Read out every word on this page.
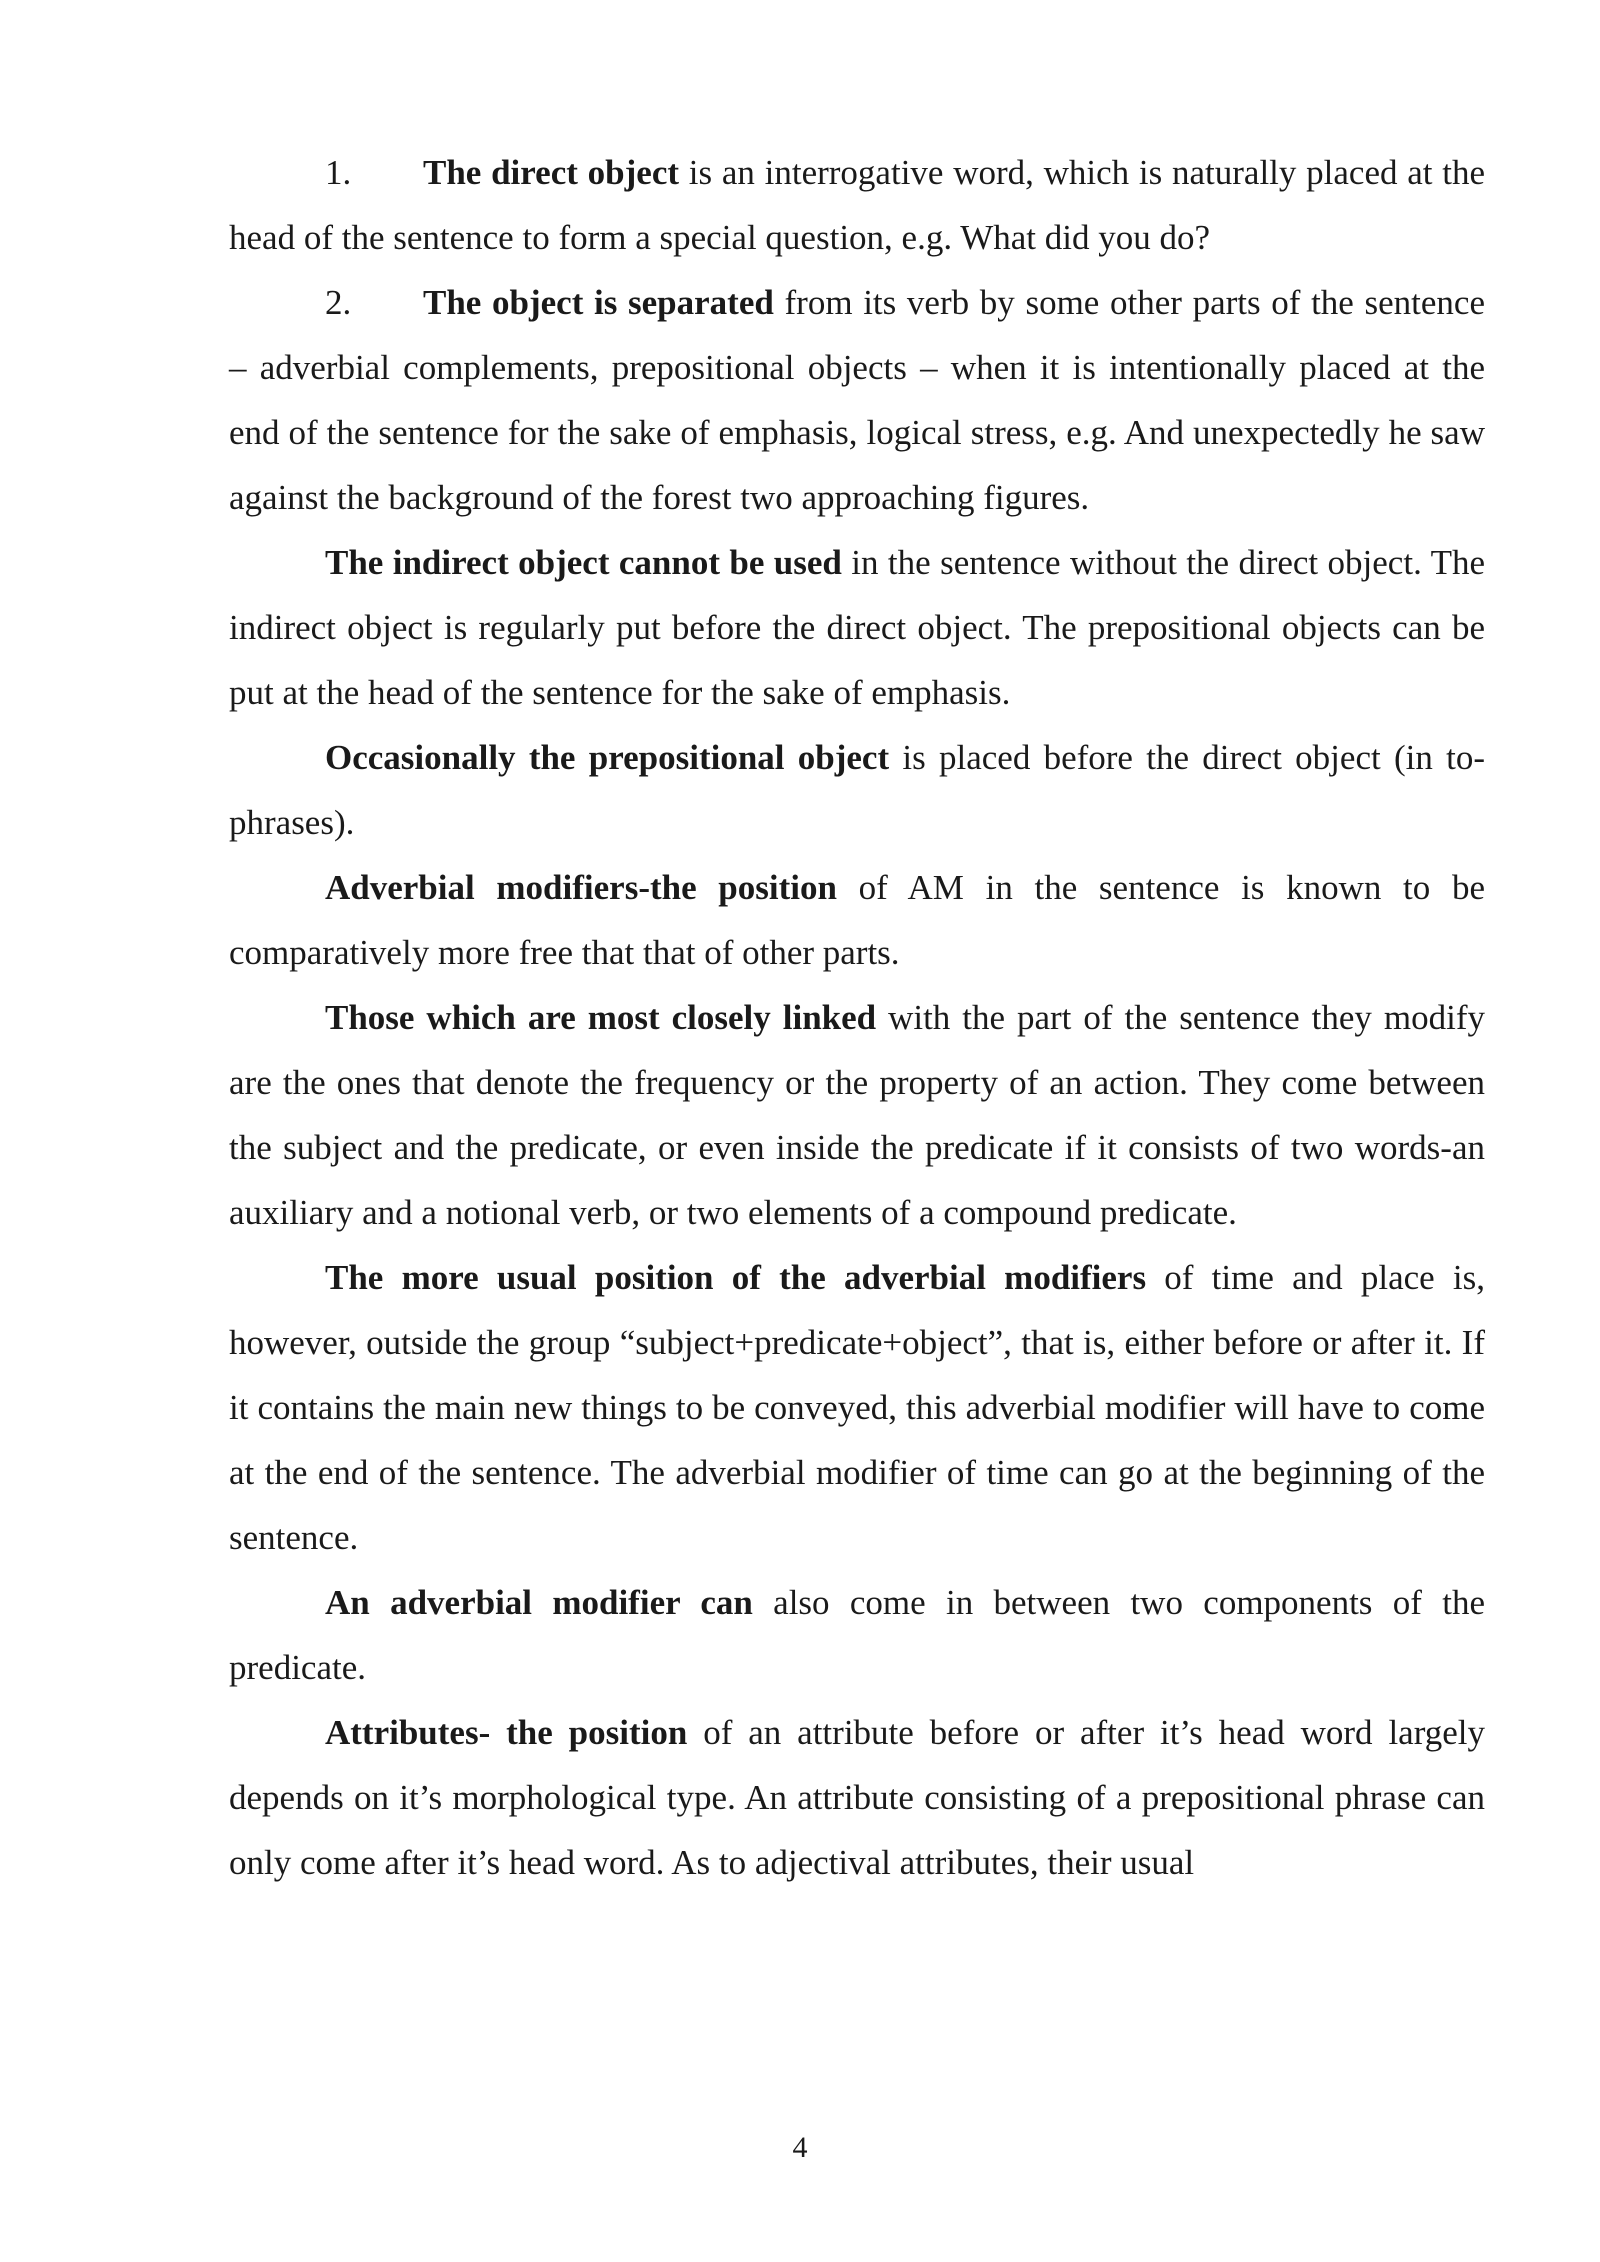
1. The direct object is an interrogative word, which is naturally placed at the head of the sentence to form a special question, e.g. What did you do?

2. The object is separated from its verb by some other parts of the sentence – adverbial complements, prepositional objects – when it is intentionally placed at the end of the sentence for the sake of emphasis, logical stress, e.g. And unexpectedly he saw against the background of the forest two approaching figures.

The indirect object cannot be used in the sentence without the direct object. The indirect object is regularly put before the direct object. The prepositional objects can be put at the head of the sentence for the sake of emphasis.

Occasionally the prepositional object is placed before the direct object (in to-phrases).

Adverbial modifiers-the position of AM in the sentence is known to be comparatively more free that that of other parts.

Those which are most closely linked with the part of the sentence they modify are the ones that denote the frequency or the property of an action. They come between the subject and the predicate, or even inside the predicate if it consists of two words-an auxiliary and a notional verb, or two elements of a compound predicate.

The more usual position of the adverbial modifiers of time and place is, however, outside the group “subject+predicate+object”, that is, either before or after it. If it contains the main new things to be conveyed, this adverbial modifier will have to come at the end of the sentence. The adverbial modifier of time can go at the beginning of the sentence.

An adverbial modifier can also come in between two components of the predicate.

Attributes- the position of an attribute before or after it’s head word largely depends on it’s morphological type. An attribute consisting of a prepositional phrase can only come after it’s head word. As to adjectival attributes, their usual

4
